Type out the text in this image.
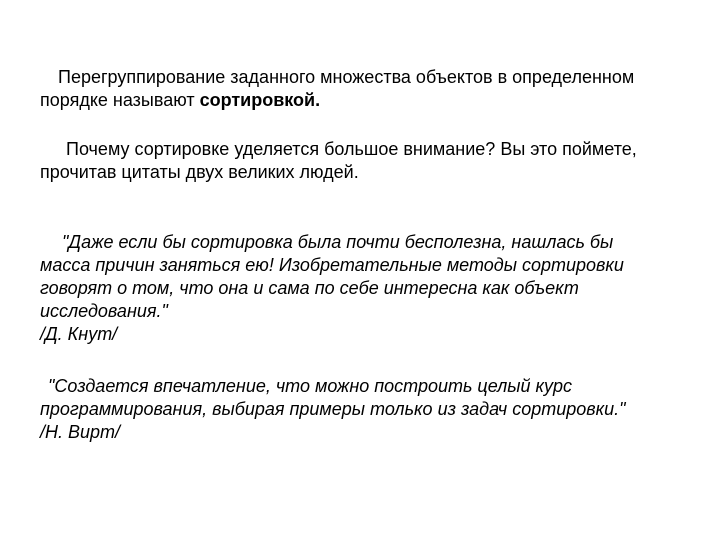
Перегруппирование заданного множества объектов в определенном
порядке называют сортировкой.
Почему сортировке уделяется большое внимание? Вы это поймете,
прочитав цитаты двух великих людей.
"Даже если бы сортировка была почти бесполезна, нашлась бы
масса причин заняться ею! Изобретательные методы сортировки
говорят о том, что она и сама по себе интересна как объект
исследования."
/Д. Кнут/
"Создается впечатление, что можно построить целый курс
программирования, выбирая примеры только из задач сортировки."
/Н. Вирт/
